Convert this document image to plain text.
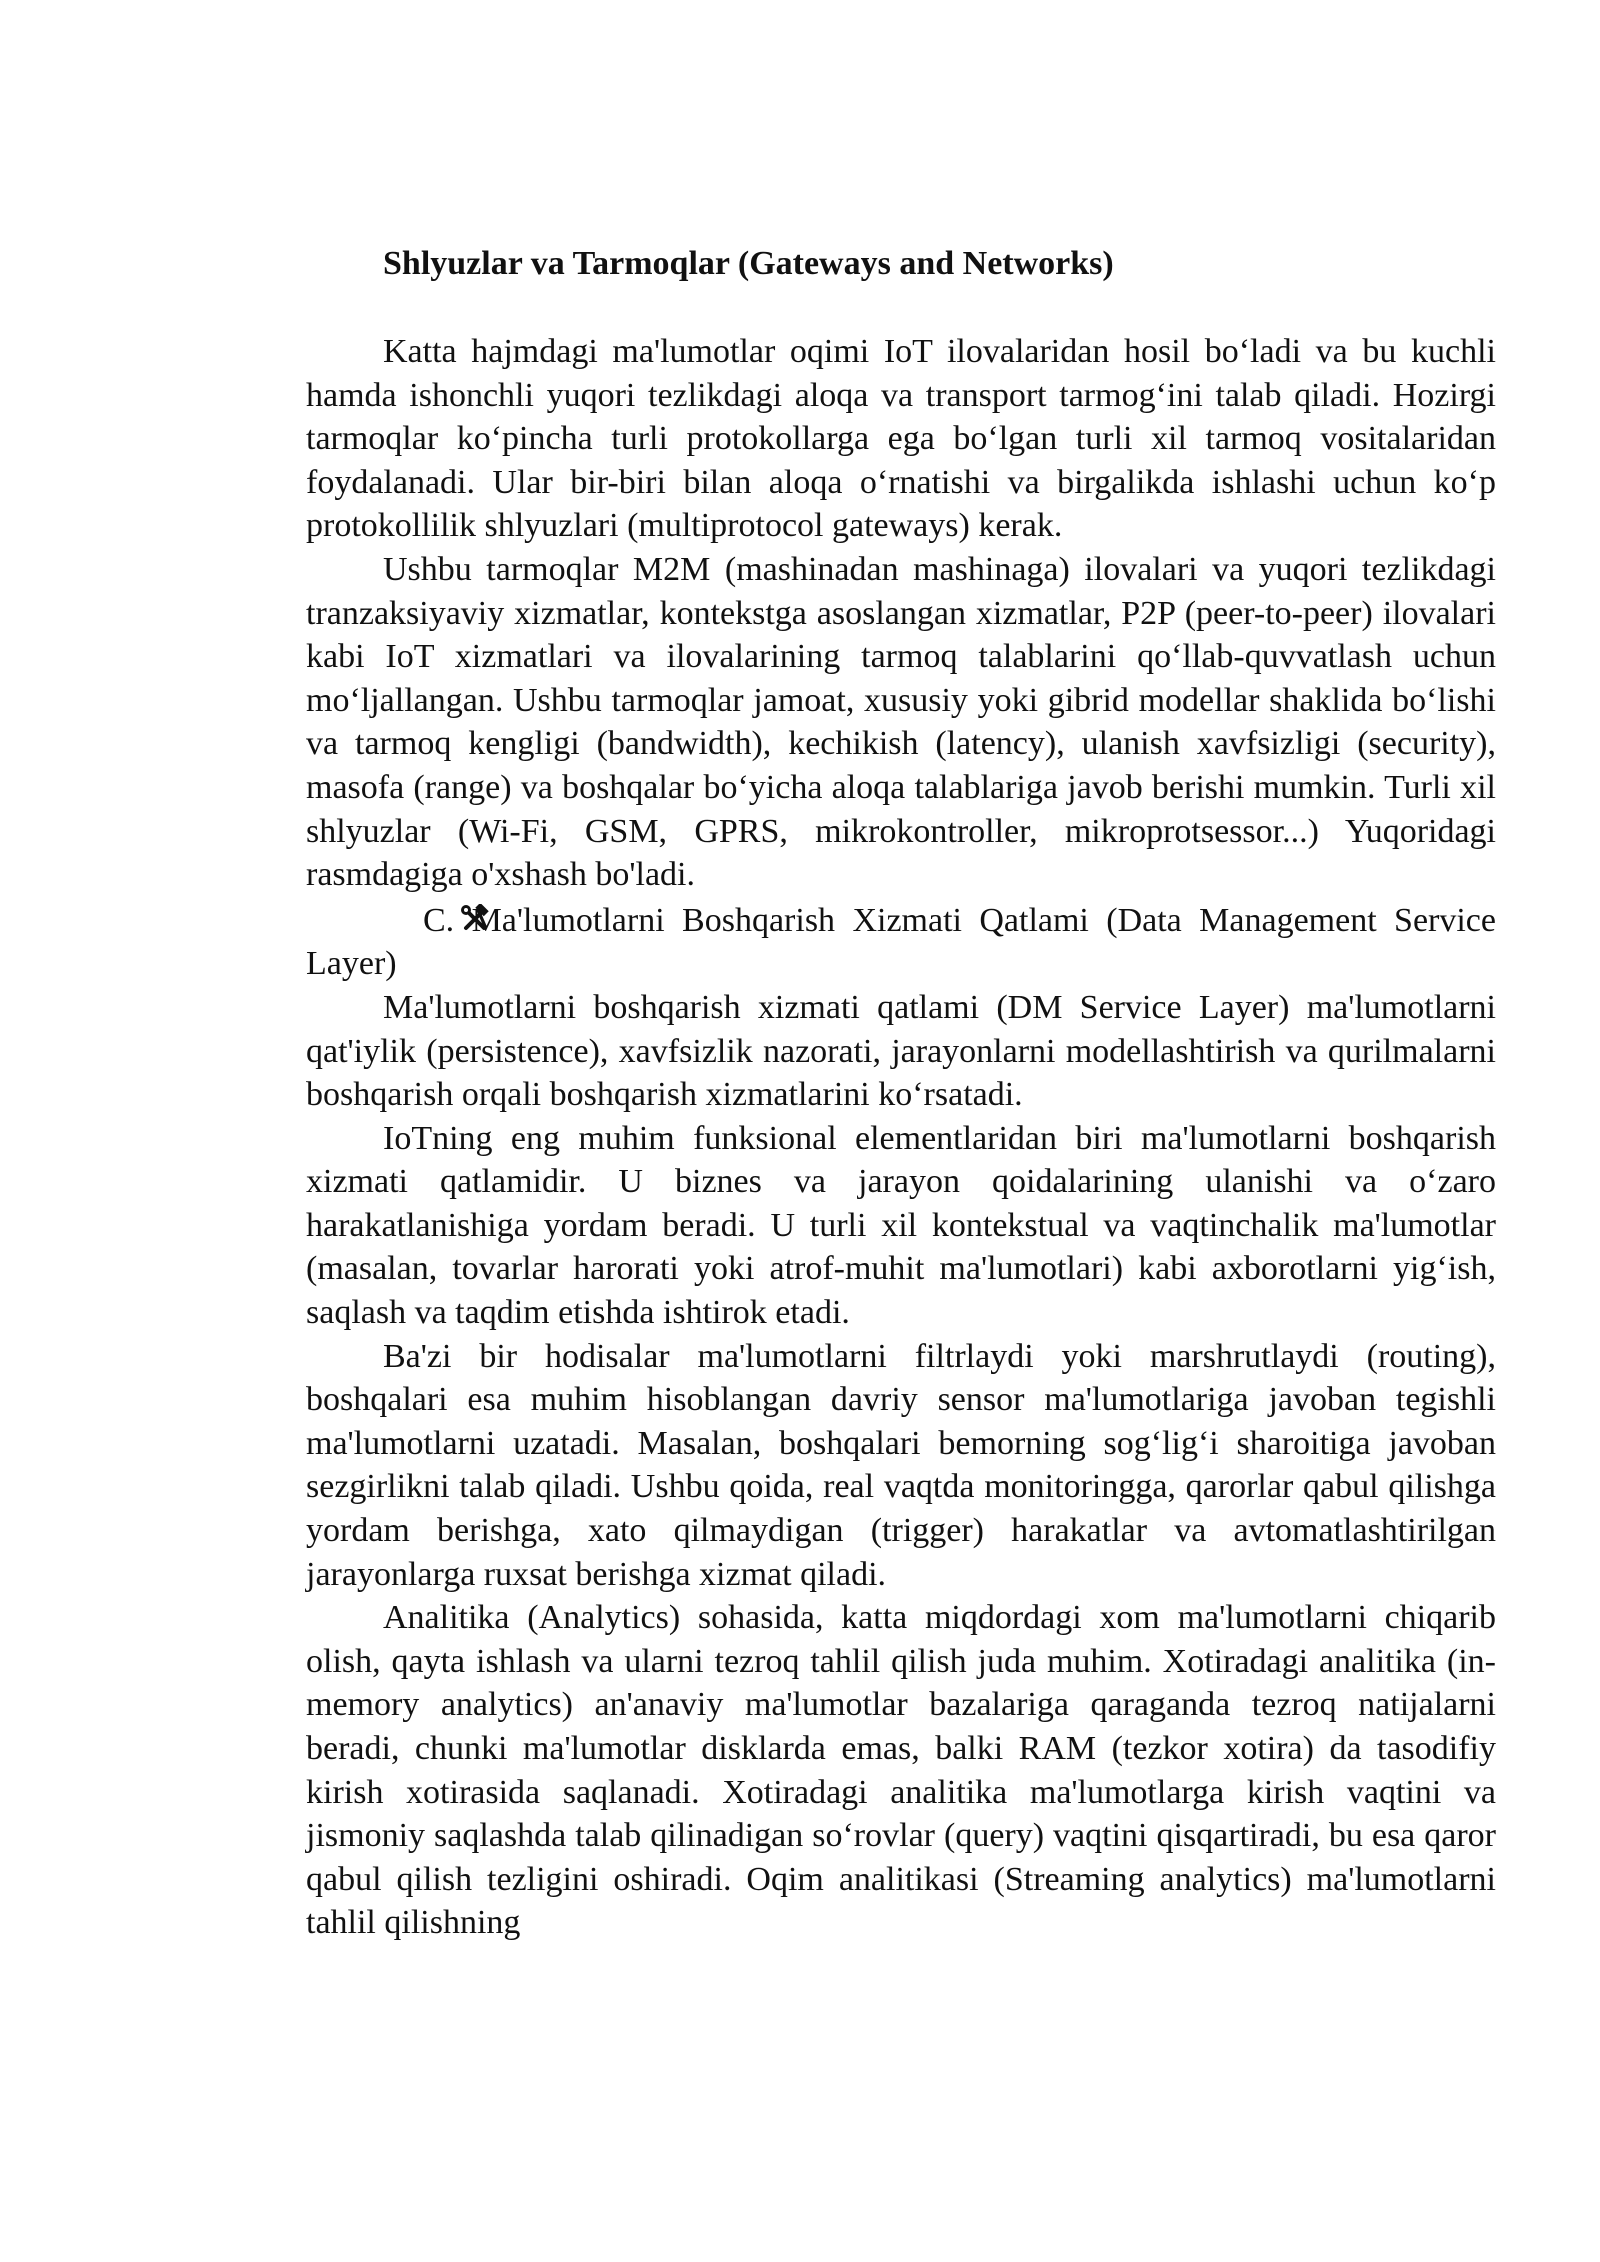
Shlyuzlar va Tarmoqlar (Gateways and Networks)

Katta hajmdagi ma'lumotlar oqimi IoT ilovalaridan hosil bo‘ladi va bu kuchli hamda ishonchli yuqori tezlikdagi aloqa va transport tarmog‘ini talab qiladi. Hozirgi tarmoqlar ko‘pincha turli protokollarga ega bo‘lgan turli xil tarmoq vositalaridan foydalanadi. Ular bir-biri bilan aloqa o‘rnatishi va birgalikda ishlashi uchun ko‘p protokollilik shlyuzlari (multiprotocol gateways) kerak.

Ushbu tarmoqlar M2M (mashinadan mashinaga) ilovalari va yuqori tezlikdagi tranzaksiyaviy xizmatlar, kontekstga asoslangan xizmatlar, P2P (peer-to-peer) ilovalari kabi IoT xizmatlari va ilovalarining tarmoq talablarini qo‘llab-quvvatlash uchun mo‘ljallangan. Ushbu tarmoqlar jamoat, xususiy yoki gibrid modellar shaklida bo‘lishi va tarmoq kengligi (bandwidth), kechikish (latency), ulanish xavfsizligi (security), masofa (range) va boshqalar bo‘yicha aloqa talablariga javob berishi mumkin. Turli xil shlyuzlar (Wi-Fi, GSM, GPRS, mikrokontroller, mikroprotsessor...) Yuqoridagi rasmdagiga o'xshash bo'ladi.

C. Ma'lumotlarni Boshqarish Xizmati Qatlami (Data Management Service Layer)

Ma'lumotlarni boshqarish xizmati qatlami (DM Service Layer) ma'lumotlarni qat'iylik (persistence), xavfsizlik nazorati, jarayonlarni modellashtirish va qurilmalarni boshqarish orqali boshqarish xizmatlarini ko‘rsatadi.

IoTning eng muhim funksional elementlaridan biri ma'lumotlarni boshqarish xizmati qatlamidir. U biznes va jarayon qoidalarining ulanishi va o‘zaro harakatlanishiga yordam beradi. U turli xil kontekstual va vaqtinchalik ma'lumotlar (masalan, tovarlar harorati yoki atrof-muhit ma'lumotlari) kabi axborotlarni yig‘ish, saqlash va taqdim etishda ishtirok etadi.

Ba'zi bir hodisalar ma'lumotlarni filtrlaydi yoki marshrutlaydi (routing), boshqalari esa muhim hisoblangan davriy sensor ma'lumotlariga javoban tegishli ma'lumotlarni uzatadi. Masalan, boshqalari bemorning sog‘lig‘i sharoitiga javoban sezgirlikni talab qiladi. Ushbu qoida, real vaqtda monitoringga, qarorlar qabul qilishga yordam berishga, xato qilmaydigan (trigger) harakatlar va avtomatlashtirilgan jarayonlarga ruxsat berishga xizmat qiladi.

Analitika (Analytics) sohasida, katta miqdordagi xom ma'lumotlarni chiqarib olish, qayta ishlash va ularni tezroq tahlil qilish juda muhim. Xotiradagi analitika (in-memory analytics) an'anaviy ma'lumotlar bazalariga qaraganda tezroq natijalarni beradi, chunki ma'lumotlar disklarda emas, balki RAM (tezkor xotira) da tasodifiy kirish xotirasida saqlanadi. Xotiradagi analitika ma'lumotlarga kirish vaqtini va jismoniy saqlashda talab qilinadigan so‘rovlar (query) vaqtini qisqartiradi, bu esa qaror qabul qilish tezligini oshiradi. Oqim analitikasi (Streaming analytics) ma'lumotlarni tahlil qilishning
